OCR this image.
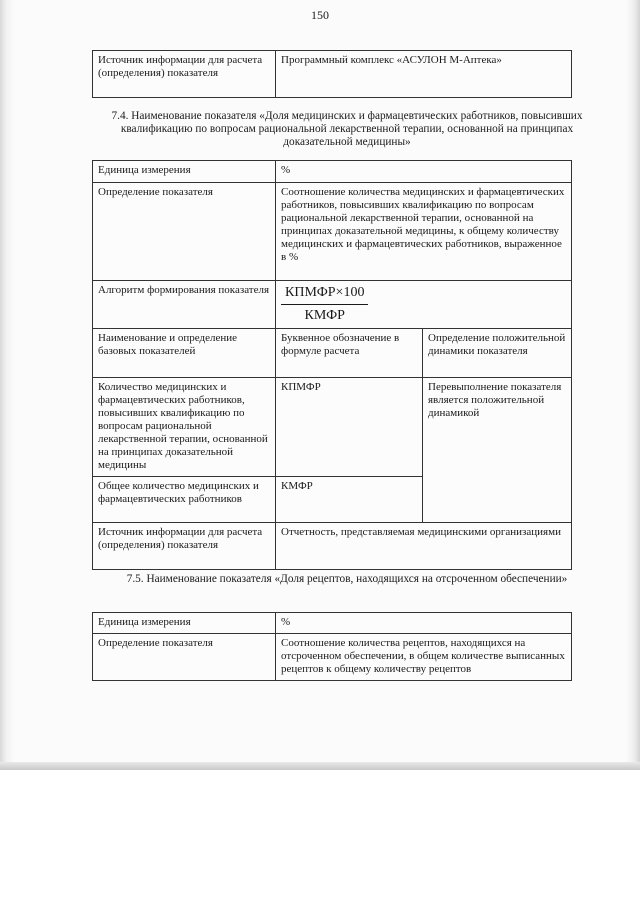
150
Источник информации для расчета (определения) показателя	Программный комплекс «АСУЛОН М-Аптека»
7.4. Наименование показателя «Доля медицинских и фармацевтических работников, повысивших квалификацию по вопросам рациональной лекарственной терапии, основанной на принципах доказательной медицины»
Единица измерения	%	
Определение показателя	Соотношение количества медицинских и фармацевтических работников, повысивших квалификацию по вопросам рациональной лекарственной терапии, основанной на принципах доказательной медицины, к общему количеству медицинских и фармацевтических работников, выраженное в %	
Алгоритм формирования показателя	$\frac{\text{КПМФР×100}}{\text{КМФР}}$

Наименование и определение базовых показателей	Буквенное обозначение в формуле расчета	Определение положительной динамики показателя
Количество медицинских и фармацевтических работников, повысивших квалификацию по вопросам рациональной лекарственной терапии, основанной на принципах доказательной медицины	КПМФР	Перевыполнение показателя является положительной динамикой
Общее количество медицинских и фармацевтических работников	КМФР	
Источник информации для расчета (определения) показателя	Отчетность, представляемая медицинскими организациями	
7.5. Наименование показателя «Доля рецептов, находящихся на отсроченном обеспечении»
Единица измерения	%
Определение показателя	Соотношение количества рецептов, находящихся на отсроченном обеспечении, в общем количестве выписанных рецептов к общему количеству рецептов
